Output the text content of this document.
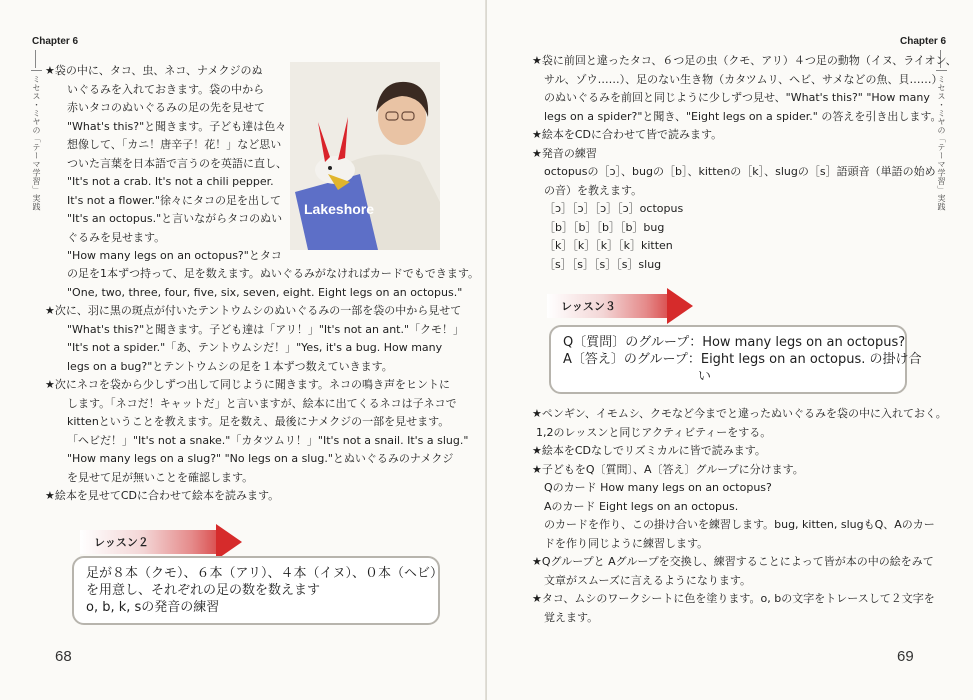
Chapter 6
ミセス・ミヤの「テーマ学習」実践
★袋の中に、タコ、虫、ネコ、ナメクジのぬ
いぐるみを入れておきます。袋の中から
赤いタコのぬいぐるみの足の先を見せて
"What's this?"と聞きます。子ども達は色々
想像して、「カニ！唐辛子！花！」など思い
ついた言葉を日本語で言うのを英語に直し、
"It's not a crab. It's not a chili pepper.
It's not a flower."徐々にタコの足を出して
"It's an octopus."と言いながらタコのぬい
ぐるみを見せます。
"How many legs on an octopus?"とタコ
Lakeshore
の足を1本ずつ持って、足を数えます。ぬいぐるみがなければカードでもできます。
"One, two, three, four, five, six, seven, eight. Eight legs on an octopus."
★次に、羽に黒の斑点が付いたテントウムシのぬいぐるみの一部を袋の中から見せて
"What's this?"と聞きます。子ども達は「アリ！」"It's not an ant."「クモ！」
"It's not a spider."「あ、テントウムシだ！」"Yes, it's a bug. How many
legs on a bug?"とテントウムシの足を１本ずつ数えていきます。
★次にネコを袋から少しずつ出して同じように聞きます。ネコの鳴き声をヒントに
します。「ネコだ！キャットだ」と言いますが、絵本に出てくるネコは子ネコで
kittenということを教えます。足を数え、最後にナメクジの一部を見せます。
「ヘビだ！」"It's not a snake."「カタツムリ！」"It's not a snail. It's a slug."
"How many legs on a slug?" "No legs on a slug."とぬいぐるみのナメクジ
を見せて足が無いことを確認します。
★絵本を見せてCDに合わせて絵本を読みます。
レッスン２
足が８本（クモ）、６本（アリ）、４本（イヌ）、０本（ヘビ）
を用意し、それぞれの足の数を数えます
o, b, k, sの発音の練習
68
Chapter 6
ミセス・ミヤの「テーマ学習」実践
★袋に前回と違ったタコ、６つ足の虫（クモ、アリ）４つ足の動物（イヌ、ライオン、
サル、ゾウ……）、足のない生き物（カタツムリ、ヘビ、サメなどの魚、貝……）
のぬいぐるみを前回と同じように少しずつ見せ、"What's this?" "How many
legs on a spider?"と聞き、"Eight legs on a spider." の答えを引き出します。
★絵本をCDに合わせて皆で読みます。
★発音の練習
octopusの［ɔ］、bugの［b］、kittenの［k］、slugの［s］語頭音（単語の始め
の音）を教えます。
［ɔ］［ɔ］［ɔ］［ɔ］octopus
［b］［b］［b］［b］bug
［k］［k］［k］［k］kitten
［s］［s］［s］［s］slug
レッスン３
Q〔質問〕のグループ：How many legs on an octopus?
A〔答え〕のグループ：Eight legs on an octopus. の掛け合
い
★ペンギン、イモムシ、クモなど今までと違ったぬいぐるみを袋の中に入れておく。
1,2のレッスンと同じアクティビティーをする。
★絵本をCDなしでリズミカルに皆で読みます。
★子どもをQ〔質問〕、A〔答え〕グループに分けます。
Qのカード How many legs on an octopus?
Aのカード Eight legs on an octopus.
のカードを作り、この掛け合いを練習します。bug, kitten, slugもQ、Aのカー
ドを作り同じように練習します。
★Qグループと Aグループを交換し、練習することによって皆が本の中の絵をみて
文章がスムーズに言えるようになります。
★タコ、ムシのワークシートに色を塗ります。o, bの文字をトレースして２文字を
覚えます。
69
